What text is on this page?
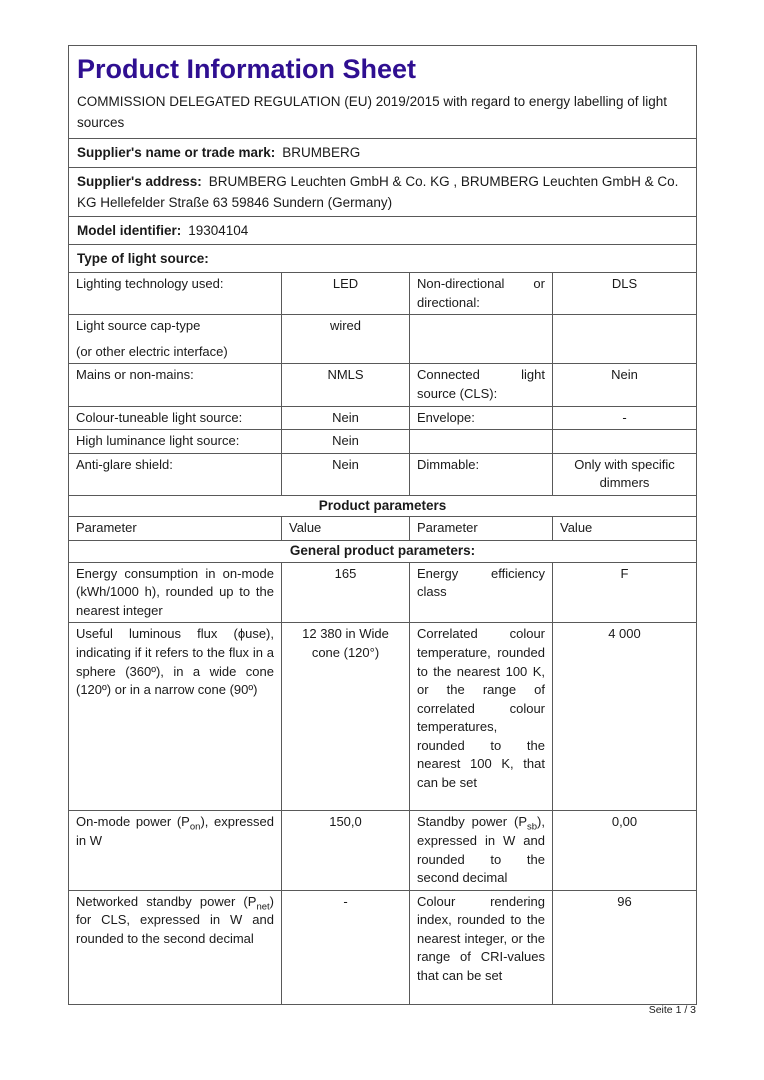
Product Information Sheet

COMMISSION DELEGATED REGULATION (EU) 2019/2015 with regard to energy labelling of light sources

Supplier's name or trade mark: BRUMBERG			
Supplier's address: BRUMBERG Leuchten GmbH & Co. KG , BRUMBERG Leuchten GmbH & Co. KG Hellefelder Straße 63 59846 Sundern (Germany)			
Model identifier: 19304104			
Type of light source:			
Lighting technology used:	LED	Non-directional or directional:	DLS

Light source cap-type
(or other electric interface)	wired		
Mains or non-mains:	NMLS	Connected light source (CLS):	Nein
Colour-tuneable light source:	Nein	Envelope:	-
High luminance light source:	Nein		
Anti-glare shield:	Nein	Dimmable:	Only with specific dimmers
Product parameters			
Parameter	Value	Parameter	Value
General product parameters:			
Energy consumption in on-mode (kWh/1000 h), rounded up to the nearest integer	165	Energy efficiency class	F
Useful luminous flux (ϕuse), indicating if it refers to the flux in a sphere (360º), in a wide cone (120º) or in a narrow cone (90º)	12 380 in Wide cone (120°)	Correlated colour temperature, rounded to the nearest 100 K, or the range of correlated colour temperatures, rounded to the nearest 100 K, that can be set	4 000
On-mode power $(P_{on})$, expressed in W	150,0	Standby power $(P_{sb})$, expressed in W and rounded to the second decimal	0,00
Networked standby power $(P_{net})$ for CLS, expressed in W and rounded to the second decimal	-	Colour rendering index, rounded to the nearest integer, or the range of CRI-values that can be set	96
Seite 1 / 3
